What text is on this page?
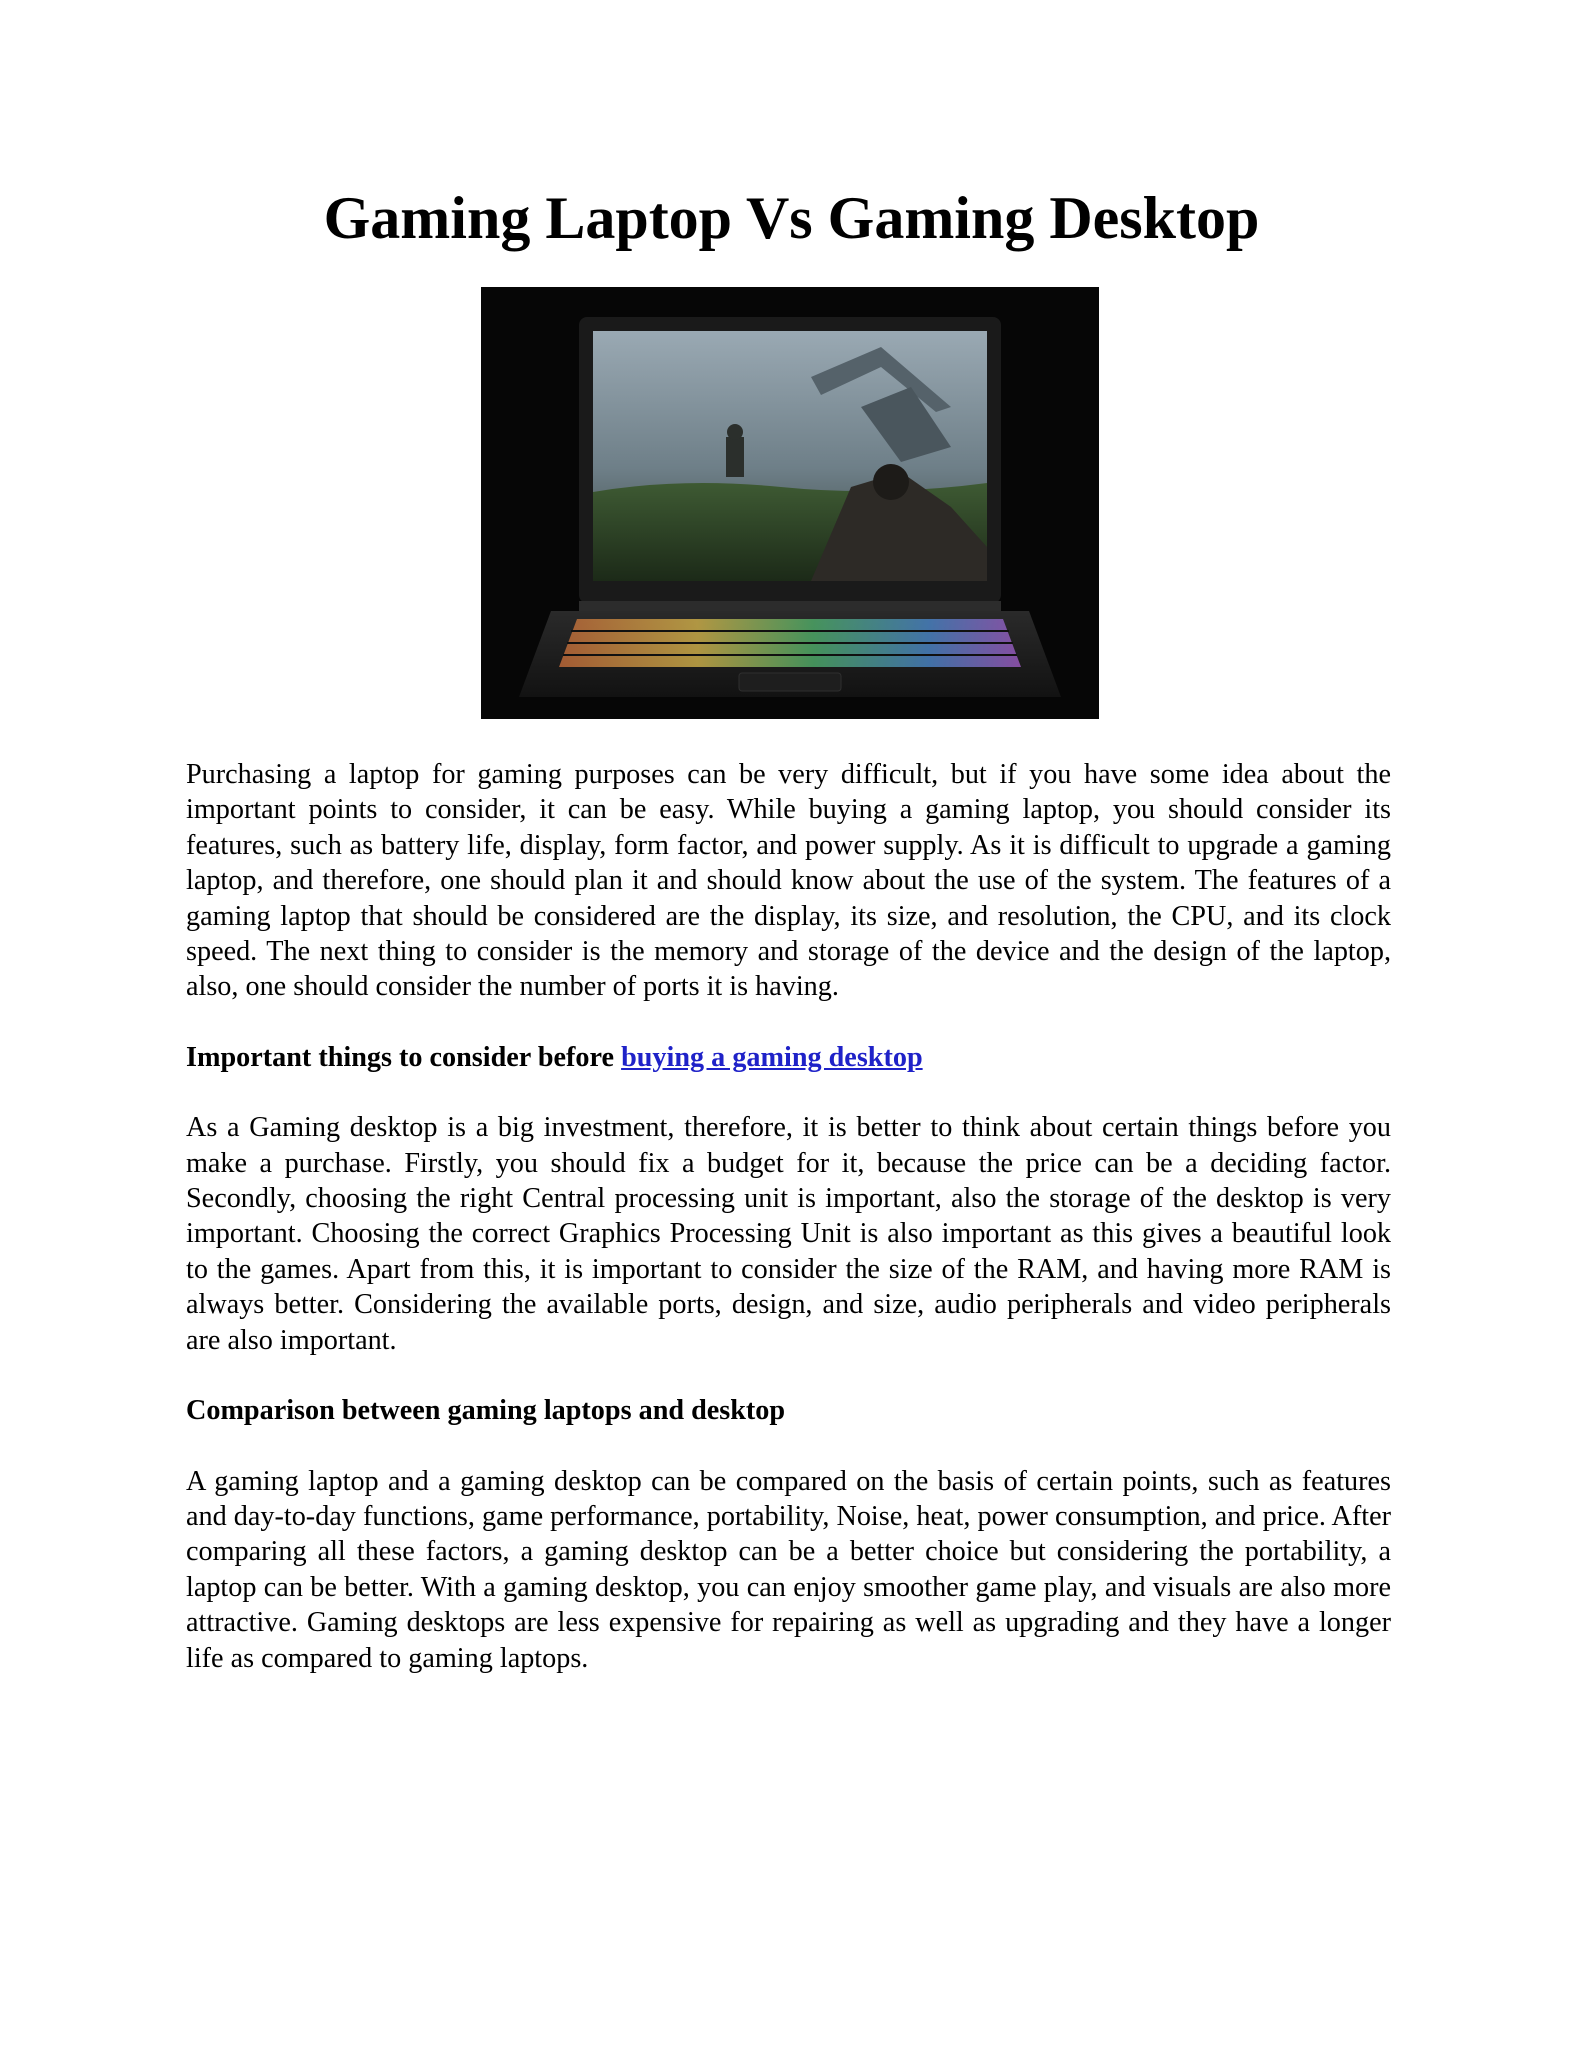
Gaming Laptop Vs Gaming Desktop

Purchasing a laptop for gaming purposes can be very difficult, but if you have some idea about the important points to consider, it can be easy. While buying a gaming laptop, you should consider its features, such as battery life, display, form factor, and power supply. As it is difficult to upgrade a gaming laptop, and therefore, one should plan it and should know about the use of the system. The features of a gaming laptop that should be considered are the display, its size, and resolution, the CPU, and its clock speed. The next thing to consider is the memory and storage of the device and the design of the laptop, also, one should consider the number of ports it is having.

Important things to consider before buying a gaming desktop

As a Gaming desktop is a big investment, therefore, it is better to think about certain things before you make a purchase. Firstly, you should fix a budget for it, because the price can be a deciding factor. Secondly, choosing the right Central processing unit is important, also the storage of the desktop is very important. Choosing the correct Graphics Processing Unit is also important as this gives a beautiful look to the games. Apart from this, it is important to consider the size of the RAM, and having more RAM is always better. Considering the available ports, design, and size, audio peripherals and video peripherals are also important.

Comparison between gaming laptops and desktop

A gaming laptop and a gaming desktop can be compared on the basis of certain points, such as features and day-to-day functions, game performance, portability, Noise, heat, power consumption, and price. After comparing all these factors, a gaming desktop can be a better choice but considering the portability, a laptop can be better. With a gaming desktop, you can enjoy smoother game play, and visuals are also more attractive. Gaming desktops are less expensive for repairing as well as upgrading and they have a longer life as compared to gaming laptops.
